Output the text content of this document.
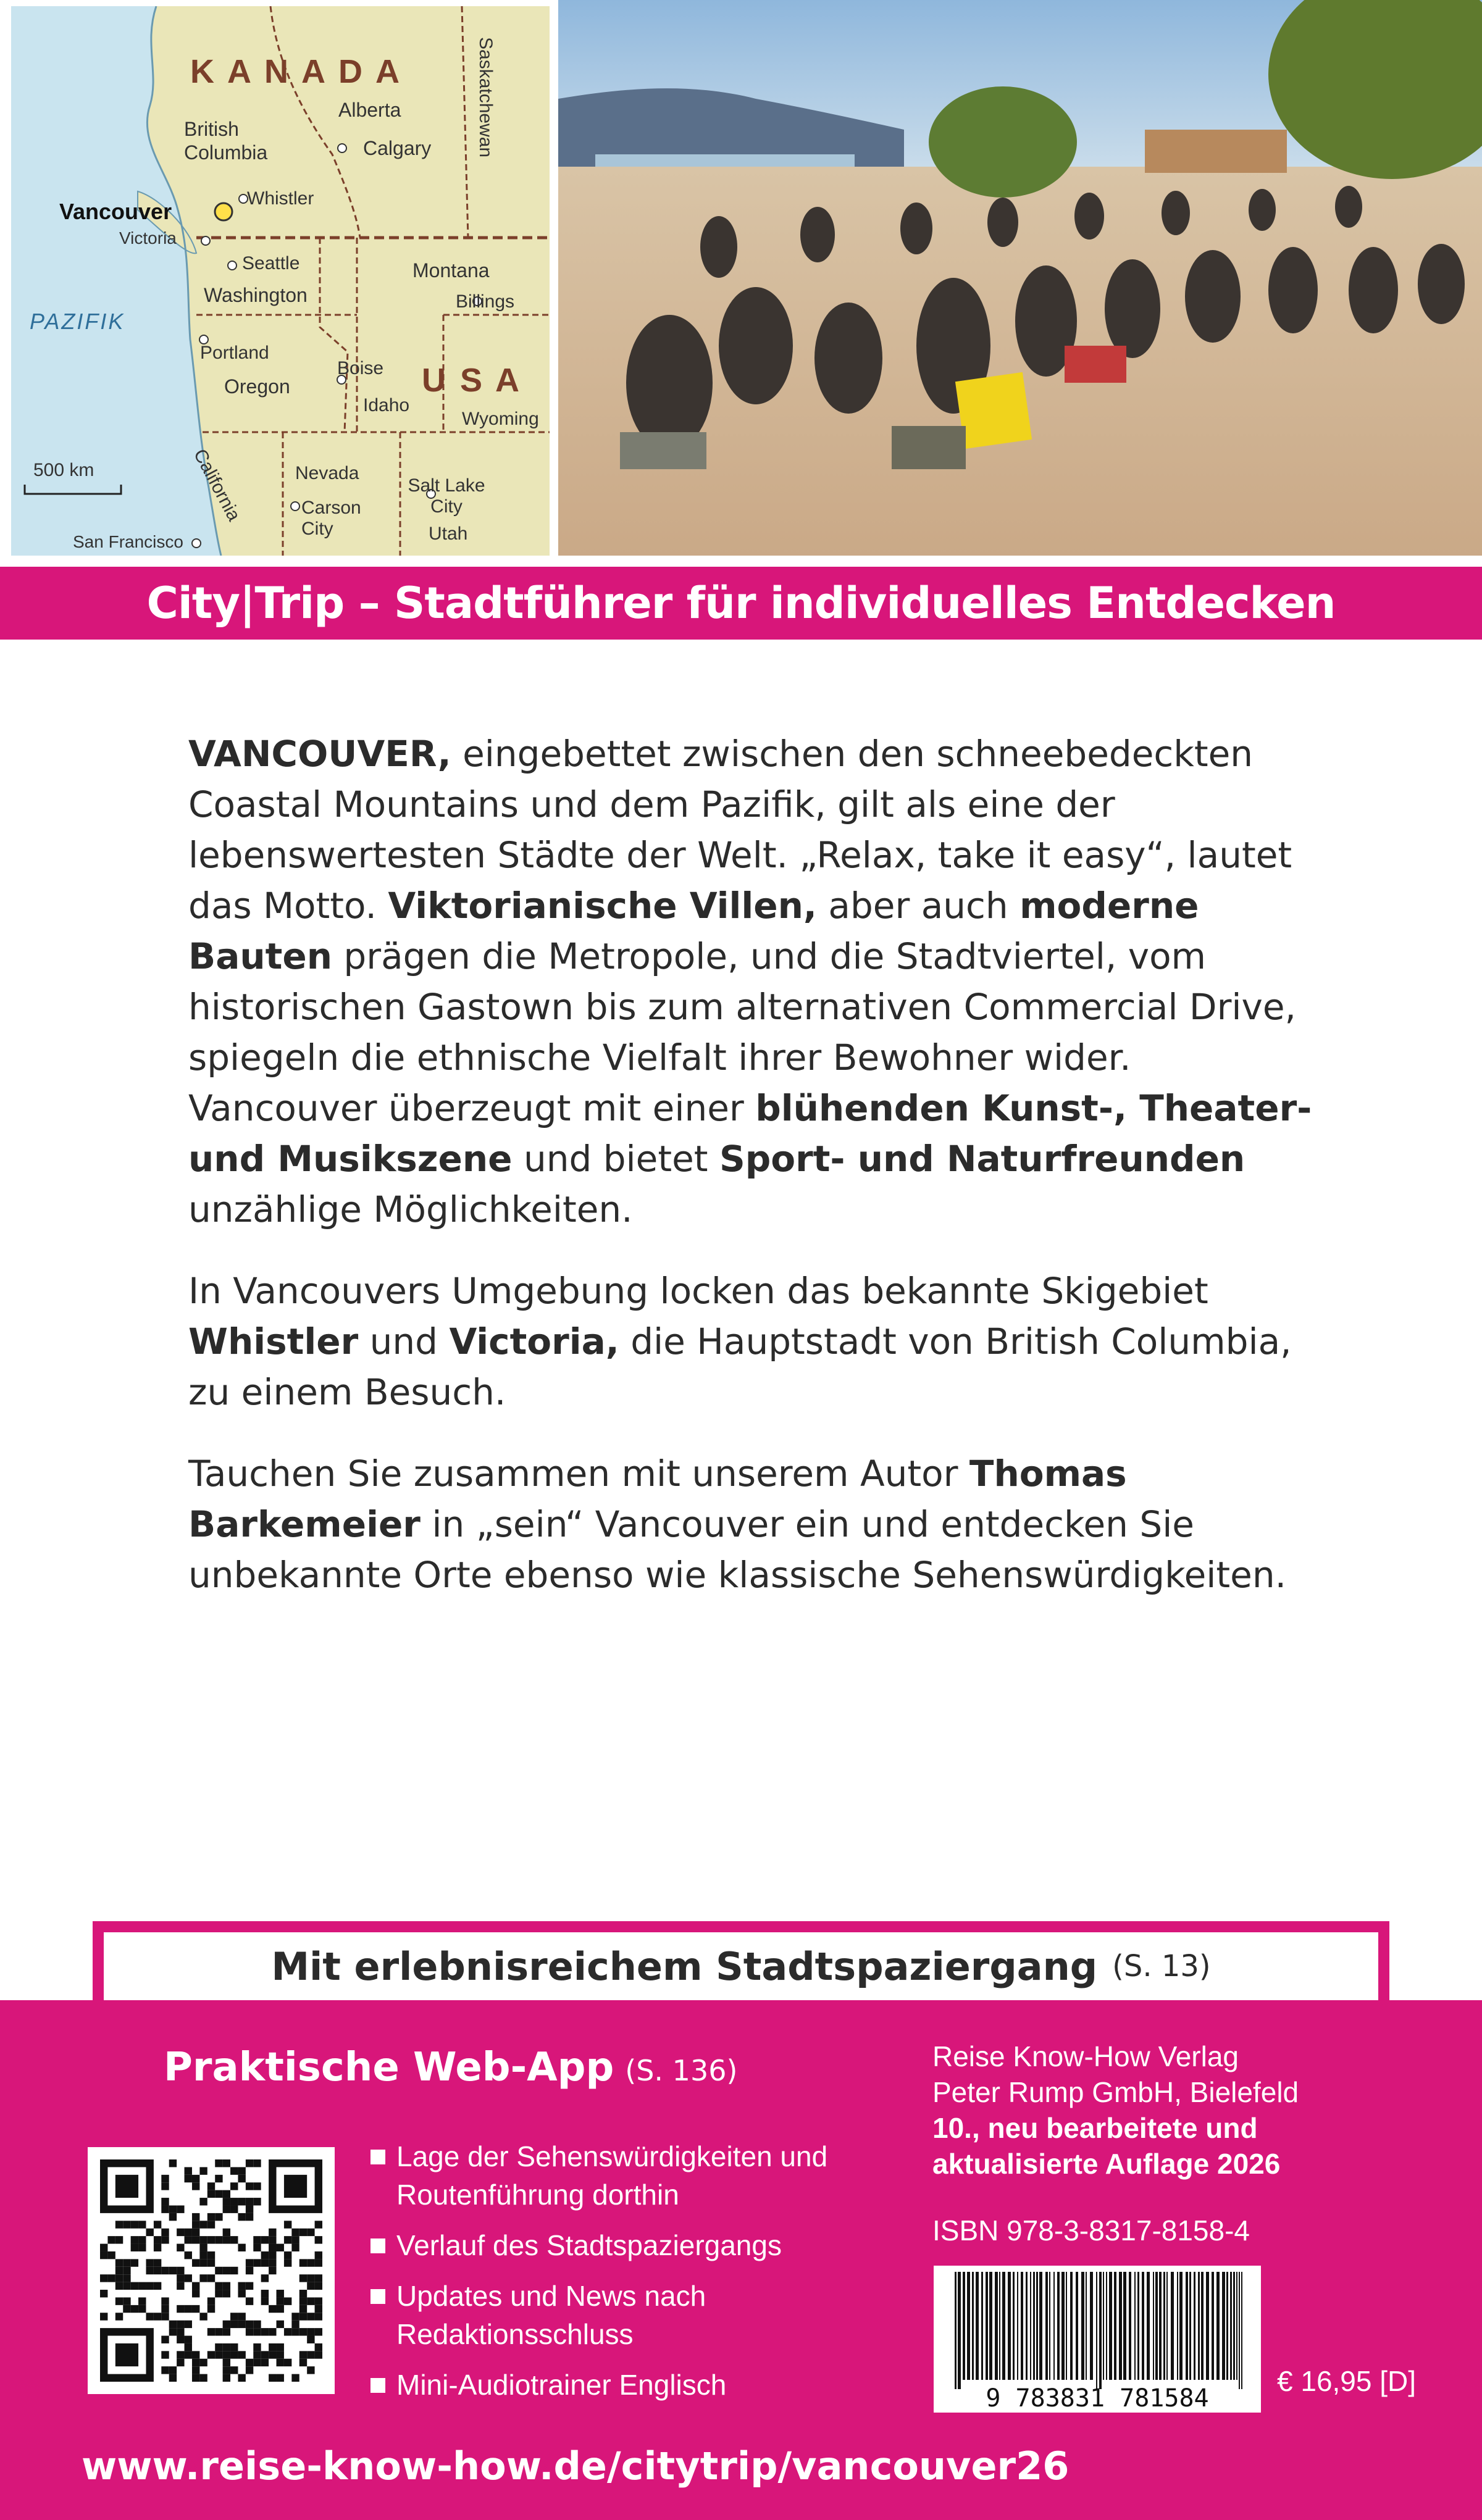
K A N A D A	Saskatchewan
British Columbia
Alberta
Calgary
Whistler
Vancouver
Victoria
Seattle
Washington
Montana
Billings
PAZIFIK
Portland
Oregon
Boise
Idaho
U S A
Wyoming
Nevada
Carson City
Salt Lake City
Utah
California
San Francisco
500 km
City|Trip – Stadtführer für individuelles Entdecken

VANCOUVER, eingebettet zwischen den schneebedeckten Coastal Mountains und dem Pazifik, gilt als eine der lebenswertesten Städte der Welt. „Relax, take it easy“, lautet das Motto. Viktorianische Villen, aber auch moderne Bauten prägen die Metropole, und die Stadtviertel, vom historischen Gastown bis zum alternativen Commercial Drive, spiegeln die ethnische Vielfalt ihrer Bewohner wider. Vancouver überzeugt mit einer blühenden Kunst-, Theater- und Musikszene und bietet Sport- und Naturfreunden unzählige Möglichkeiten.

In Vancouvers Umgebung locken das bekannte Skigebiet Whistler und Victoria, die Hauptstadt von British Columbia, zu einem Besuch.

Tauchen Sie zusammen mit unserem Autor Thomas Barkemeier in „sein“ Vancouver ein und entdecken Sie unbekannte Orte ebenso wie klassische Sehenswürdigkeiten.

Mit erlebnisreichem Stadtspaziergang (S. 13)
Praktische Web-App (S. 136)
Lage der Sehenswürdigkeiten und Routenführung dorthin
Verlauf des Stadtspaziergangs
Updates und News nach Redaktionsschluss
Mini-Audiotrainer Englisch
Reise Know-How Verlag
Peter Rump GmbH, Bielefeld
10., neu bearbeitete und
aktualisierte Auflage 2026
ISBN 978-3-8317-8158-4
9 783831 781584
€ 16,95 [D]
www.reise-know-how.de/citytrip/vancouver26
